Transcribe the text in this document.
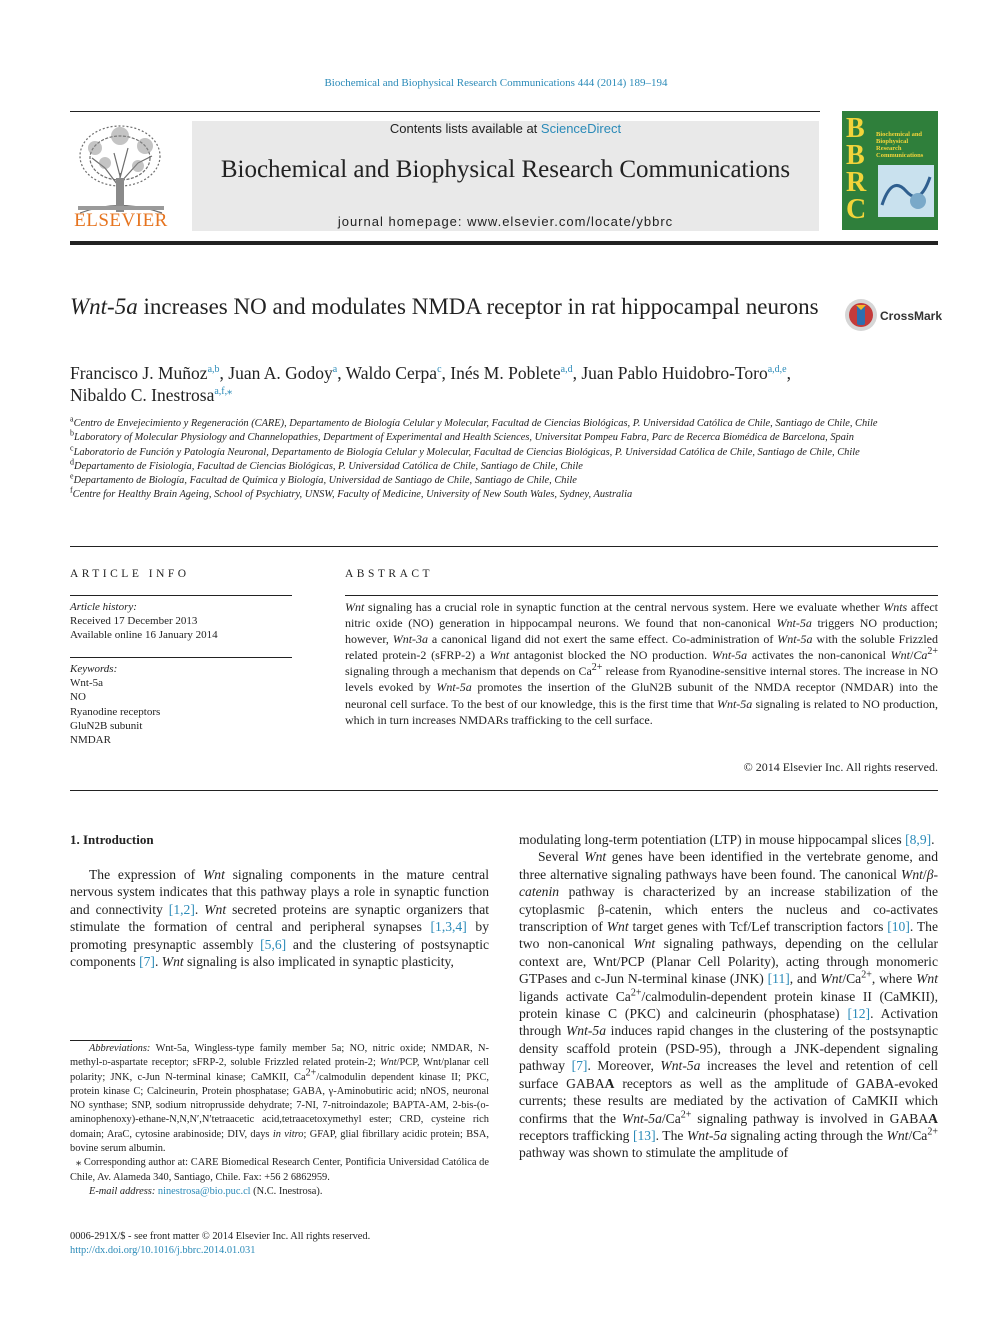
Biochemical and Biophysical Research Communications 444 (2014) 189–194
ELSEVIER
Contents lists available at ScienceDirect
Biochemical and Biophysical Research Communications
journal homepage: www.elsevier.com/locate/ybbrc
B
B
R
C
Biochemical and Biophysical Research Communications
Wnt-5a increases NO and modulates NMDA receptor in rat hippocampal neurons	CrossMark
Francisco J. Muñoz$^{a,b}$, Juan A. Godoy$^a$, Waldo Cerpa$^c$, Inés M. Poblete$^{a,d}$, Juan Pablo Huidobro-Toro$^{a,d,e}$,
Nibaldo C. Inestrosa$^{a,f,⁎}$
$^a$Centro de Envejecimiento y Regeneración (CARE), Departamento de Biología Celular y Molecular, Facultad de Ciencias Biológicas, P. Universidad Católica de Chile, Santiago de Chile, Chile
$^b$Laboratory of Molecular Physiology and Channelopathies, Department of Experimental and Health Sciences, Universitat Pompeu Fabra, Parc de Recerca Biomédica de Barcelona, Spain
$^c$Laboratorio de Función y Patología Neuronal, Departamento de Biología Celular y Molecular, Facultad de Ciencias Biológicas, P. Universidad Católica de Chile, Santiago de Chile, Chile
$^d$Departamento de Fisiología, Facultad de Ciencias Biológicas, P. Universidad Católica de Chile, Santiago de Chile, Chile
$^e$Departamento de Biología, Facultad de Química y Biología, Universidad de Santiago de Chile, Santiago de Chile, Chile
$^f$Centre for Healthy Brain Ageing, School of Psychiatry, UNSW, Faculty of Medicine, University of New South Wales, Sydney, Australia
ARTICLE INFO
Article history:
Received 17 December 2013
Available online 16 January 2014
Keywords:
Wnt-5a
NO
Ryanodine receptors
GluN2B subunit
NMDAR
ABSTRACT
Wnt signaling has a crucial role in synaptic function at the central nervous system. Here we evaluate whether Wnts affect nitric oxide (NO) generation in hippocampal neurons. We found that non-canonical Wnt-5a triggers NO production; however, Wnt-3a a canonical ligand did not exert the same effect. Co-administration of Wnt-5a with the soluble Frizzled related protein-2 (sFRP-2) a Wnt antagonist blocked the NO production. Wnt-5a activates the non-canonical Wnt/$Ca^{2+}$ signaling through a mechanism that depends on $Ca^{2+}$ release from Ryanodine-sensitive internal stores. The increase in NO levels evoked by Wnt-5a promotes the insertion of the GluN2B subunit of the NMDA receptor (NMDAR) into the neuronal cell surface. To the best of our knowledge, this is the first time that Wnt-5a signaling is related to NO production, which in turn increases NMDARs trafficking to the cell surface.
© 2014 Elsevier Inc. All rights reserved.
1. Introduction
The expression of Wnt signaling components in the mature central nervous system indicates that this pathway plays a role in synaptic function and connectivity [1,2]. Wnt secreted proteins are synaptic organizers that stimulate the formation of central and peripheral synapses [1,3,4] by promoting presynaptic assembly [5,6] and the clustering of postsynaptic components [7]. Wnt signaling is also implicated in synaptic plasticity,

modulating long-term potentiation (LTP) in mouse hippocampal slices [8,9].

Several Wnt genes have been identified in the vertebrate genome, and three alternative signaling pathways have been found. The canonical Wnt/β-catenin pathway is characterized by an increase stabilization of the cytoplasmic β-catenin, which enters the nucleus and co-activates transcription of Wnt target genes with Tcf/Lef transcription factors [10]. The two non-canonical Wnt signaling pathways, depending on the cellular context are, Wnt/PCP (Planar Cell Polarity), acting through monomeric GTPases and c-Jun N-terminal kinase (JNK) [11], and Wnt/$Ca^{2+}$, where Wnt ligands activate $Ca^{2+}/calmodulin$-dependent protein kinase II (CaMKII), protein kinase C (PKC) and calcineurin (phosphatase) [12]. Activation through Wnt-5a induces rapid changes in the clustering of the postsynaptic density scaffold protein (PSD-95), through a JNK-dependent signaling pathway [7]. Moreover, Wnt-5a increases the level and retention of cell surface GABAA receptors as well as the amplitude of GABA-evoked currents; these results are mediated by the activation of CaMKII which confirms that the Wnt-$5a/Ca^{2+}$ signaling pathway is involved in GABAA receptors trafficking [13]. The Wnt-5a signaling acting through the Wnt/$Ca^{2+}$ pathway was shown to stimulate the amplitude of

Abbreviations: Wnt-5a, Wingless-type family member 5a; NO, nitric oxide; NMDAR, N-methyl-d-aspartate receptor; sFRP-2, soluble Frizzled related protein-2; Wnt/PCP, Wnt/planar cell polarity; JNK, c-Jun N-terminal kinase; CaMKII, $Ca^{2+}$/calmodulin dependent kinase II; PKC, protein kinase C; Calcineurin, Protein phosphatase; GABA, γ-Aminobutiric acid; nNOS, neuronal NO synthase; SNP, sodium nitroprusside dehydrate; 7-NI, 7-nitroindazole; BAPTA-AM, 2-bis-(o-aminophenoxy)-ethane-N,N,N′,N′tetraacetic acid,tetraacetoxymethyl ester; CRD, cysteine rich domain; AraC, cytosine arabinoside; DIV, days in vitro; GFAP, glial fibrillary acidic protein; BSA, bovine serum albumin.

⁎ Corresponding author at: CARE Biomedical Research Center, Pontificia Universidad Católica de Chile, Av. Alameda 340, Santiago, Chile. Fax: +56 2 6862959.

E-mail address: ninestrosa@bio.puc.cl (N.C. Inestrosa).

0006-291X/$ - see front matter © 2014 Elsevier Inc. All rights reserved.
http://dx.doi.org/10.1016/j.bbrc.2014.01.031
